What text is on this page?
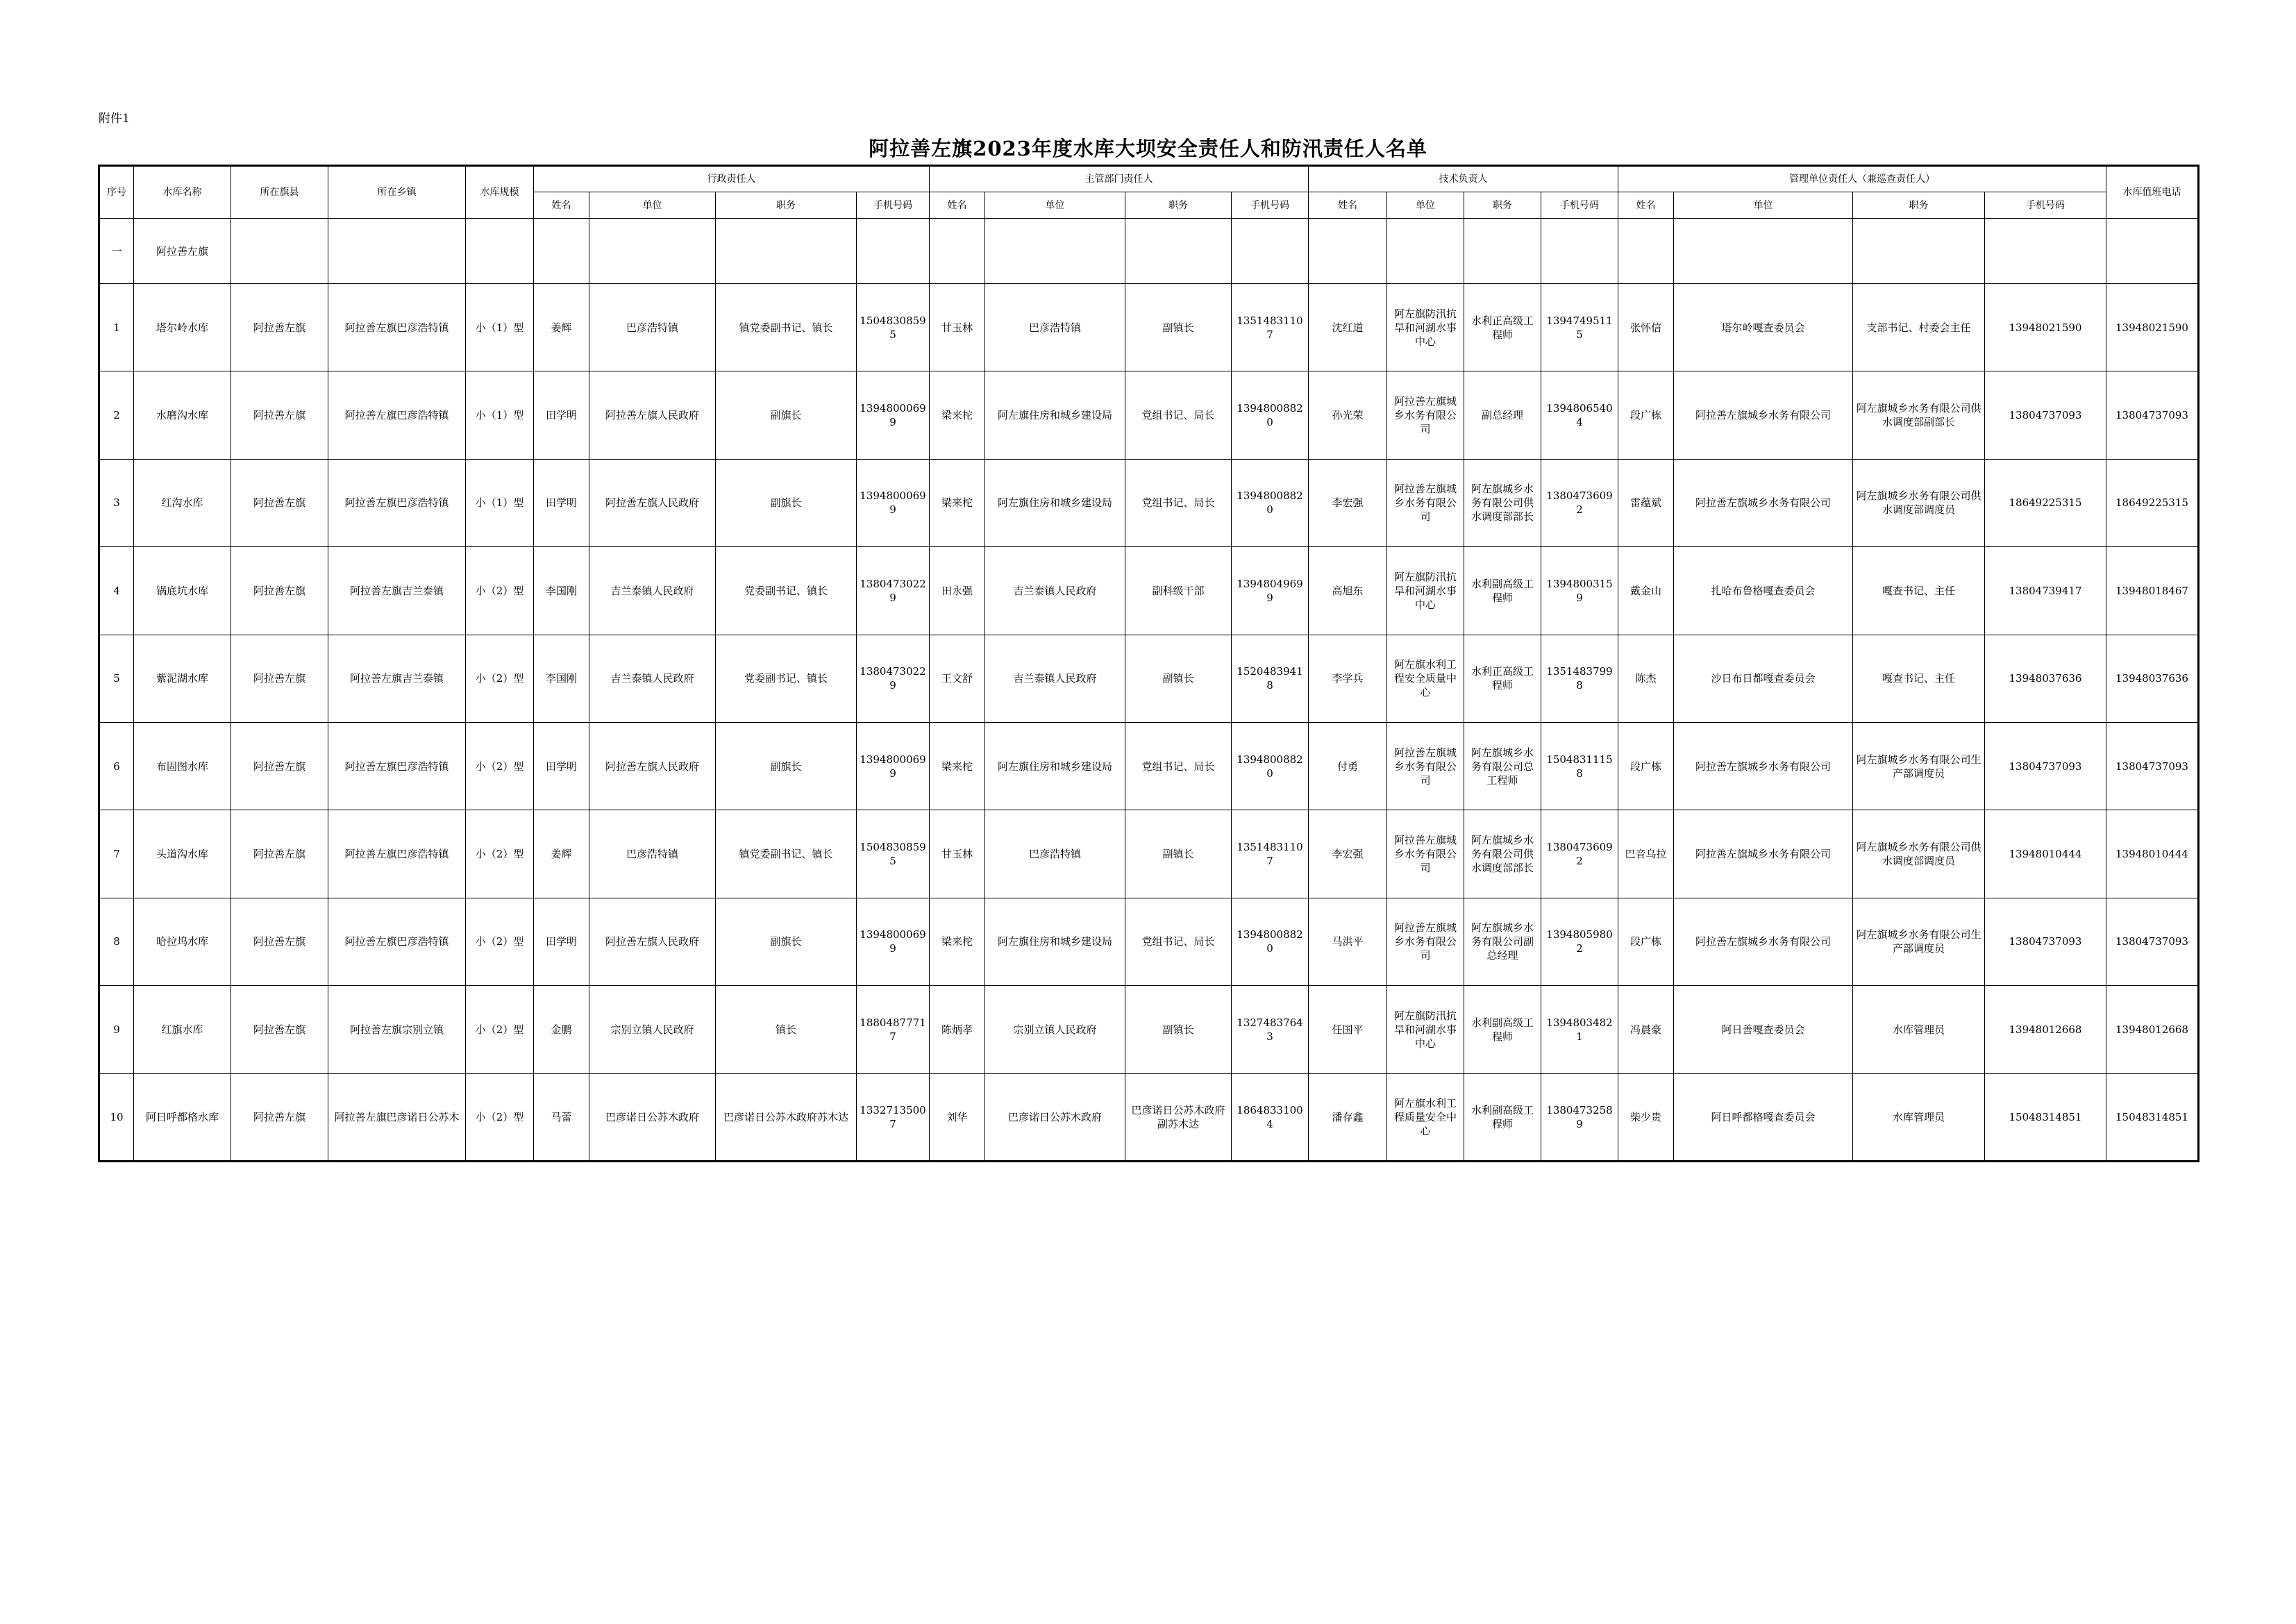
附件1
阿拉善左旗2023年度水库大坝安全责任人和防汛责任人名单
序号	水库名称	所在旗县	所在乡镇	水库规模	行政责任人				主管部门责任人				技术负责人				管理单位责任人（兼巡查责任人）				水库值班电话
					姓名	单位	职务	手机号码	姓名	单位	职务	手机号码	姓名	单位	职务	手机号码	姓名	单位	职务	手机号码	
一	阿拉善左旗																				
1	塔尔岭水库	阿拉善左旗	阿拉善左旗巴彦浩特镇	小（1）型	姜辉	巴彦浩特镇	镇党委副书记、镇长	15048308595	甘玉林	巴彦浩特镇	副镇长	13514831107	沈红道	阿左旗防汛抗旱和河湖水事中心	水利正高级工程师	13947495115	张怀信	塔尔岭嘎查委员会	支部书记、村委会主任	13948021590	13948021590
2	水磨沟水库	阿拉善左旗	阿拉善左旗巴彦浩特镇	小（1）型	田学明	阿拉善左旗人民政府	副旗长	13948000699	梁来柁	阿左旗住房和城乡建设局	党组书记、局长	13948008820	孙光荣	阿拉善左旗城乡水务有限公司	副总经理	13948065404	段广栋	阿拉善左旗城乡水务有限公司	阿左旗城乡水务有限公司供水调度部副部长	13804737093	13804737093
3	红沟水库	阿拉善左旗	阿拉善左旗巴彦浩特镇	小（1）型	田学明	阿拉善左旗人民政府	副旗长	13948000699	梁来柁	阿左旗住房和城乡建设局	党组书记、局长	13948008820	李宏强	阿拉善左旗城乡水务有限公司	阿左旗城乡水务有限公司供水调度部部长	13804736092	雷蕴斌	阿拉善左旗城乡水务有限公司	阿左旗城乡水务有限公司供水调度部调度员	18649225315	18649225315
4	锅底坑水库	阿拉善左旗	阿拉善左旗吉兰泰镇	小（2）型	李国刚	吉兰泰镇人民政府	党委副书记、镇长	13804730229	田永强	吉兰泰镇人民政府	副科级干部	13948049699	高旭东	阿左旗防汛抗旱和河湖水事中心	水利副高级工程师	13948003159	戴金山	扎哈布鲁格嘎查委员会	嘎查书记、主任	13804739417	13948018467
5	紫泥湖水库	阿拉善左旗	阿拉善左旗吉兰泰镇	小（2）型	李国刚	吉兰泰镇人民政府	党委副书记、镇长	13804730229	王文舒	吉兰泰镇人民政府	副镇长	15204839418	李学兵	阿左旗水利工程安全质量中心	水利正高级工程师	13514837998	陈杰	沙日布日都嘎查委员会	嘎查书记、主任	13948037636	13948037636
6	布固图水库	阿拉善左旗	阿拉善左旗巴彦浩特镇	小（2）型	田学明	阿拉善左旗人民政府	副旗长	13948000699	梁来柁	阿左旗住房和城乡建设局	党组书记、局长	13948008820	付勇	阿拉善左旗城乡水务有限公司	阿左旗城乡水务有限公司总工程师	15048311158	段广栋	阿拉善左旗城乡水务有限公司	阿左旗城乡水务有限公司生产部调度员	13804737093	13804737093
7	头道沟水库	阿拉善左旗	阿拉善左旗巴彦浩特镇	小（2）型	姜辉	巴彦浩特镇	镇党委副书记、镇长	15048308595	甘玉林	巴彦浩特镇	副镇长	13514831107	李宏强	阿拉善左旗城乡水务有限公司	阿左旗城乡水务有限公司供水调度部部长	13804736092	巴音乌拉	阿拉善左旗城乡水务有限公司	阿左旗城乡水务有限公司供水调度部调度员	13948010444	13948010444
8	哈拉坞水库	阿拉善左旗	阿拉善左旗巴彦浩特镇	小（2）型	田学明	阿拉善左旗人民政府	副旗长	13948000699	梁来柁	阿左旗住房和城乡建设局	党组书记、局长	13948008820	马洪平	阿拉善左旗城乡水务有限公司	阿左旗城乡水务有限公司副总经理	13948059802	段广栋	阿拉善左旗城乡水务有限公司	阿左旗城乡水务有限公司生产部调度员	13804737093	13804737093
9	红旗水库	阿拉善左旗	阿拉善左旗宗别立镇	小（2）型	金鹏	宗别立镇人民政府	镇长	18804877717	陈炳孝	宗别立镇人民政府	副镇长	13274837643	任国平	阿左旗防汛抗旱和河湖水事中心	水利副高级工程师	13948034821	冯晨豪	阿日善嘎查委员会	水库管理员	13948012668	13948012668
10	阿日呼都格水库	阿拉善左旗	阿拉善左旗巴彦诺日公苏木	小（2）型	马蕾	巴彦诺日公苏木政府	巴彦诺日公苏木政府苏木达	13327135007	刘华	巴彦诺日公苏木政府	巴彦诺日公苏木政府副苏木达	18648331004	潘存鑫	阿左旗水利工程质量安全中心	水利副高级工程师	13804732589	柴少贵	阿日呼都格嘎查委员会	水库管理员	15048314851	15048314851
